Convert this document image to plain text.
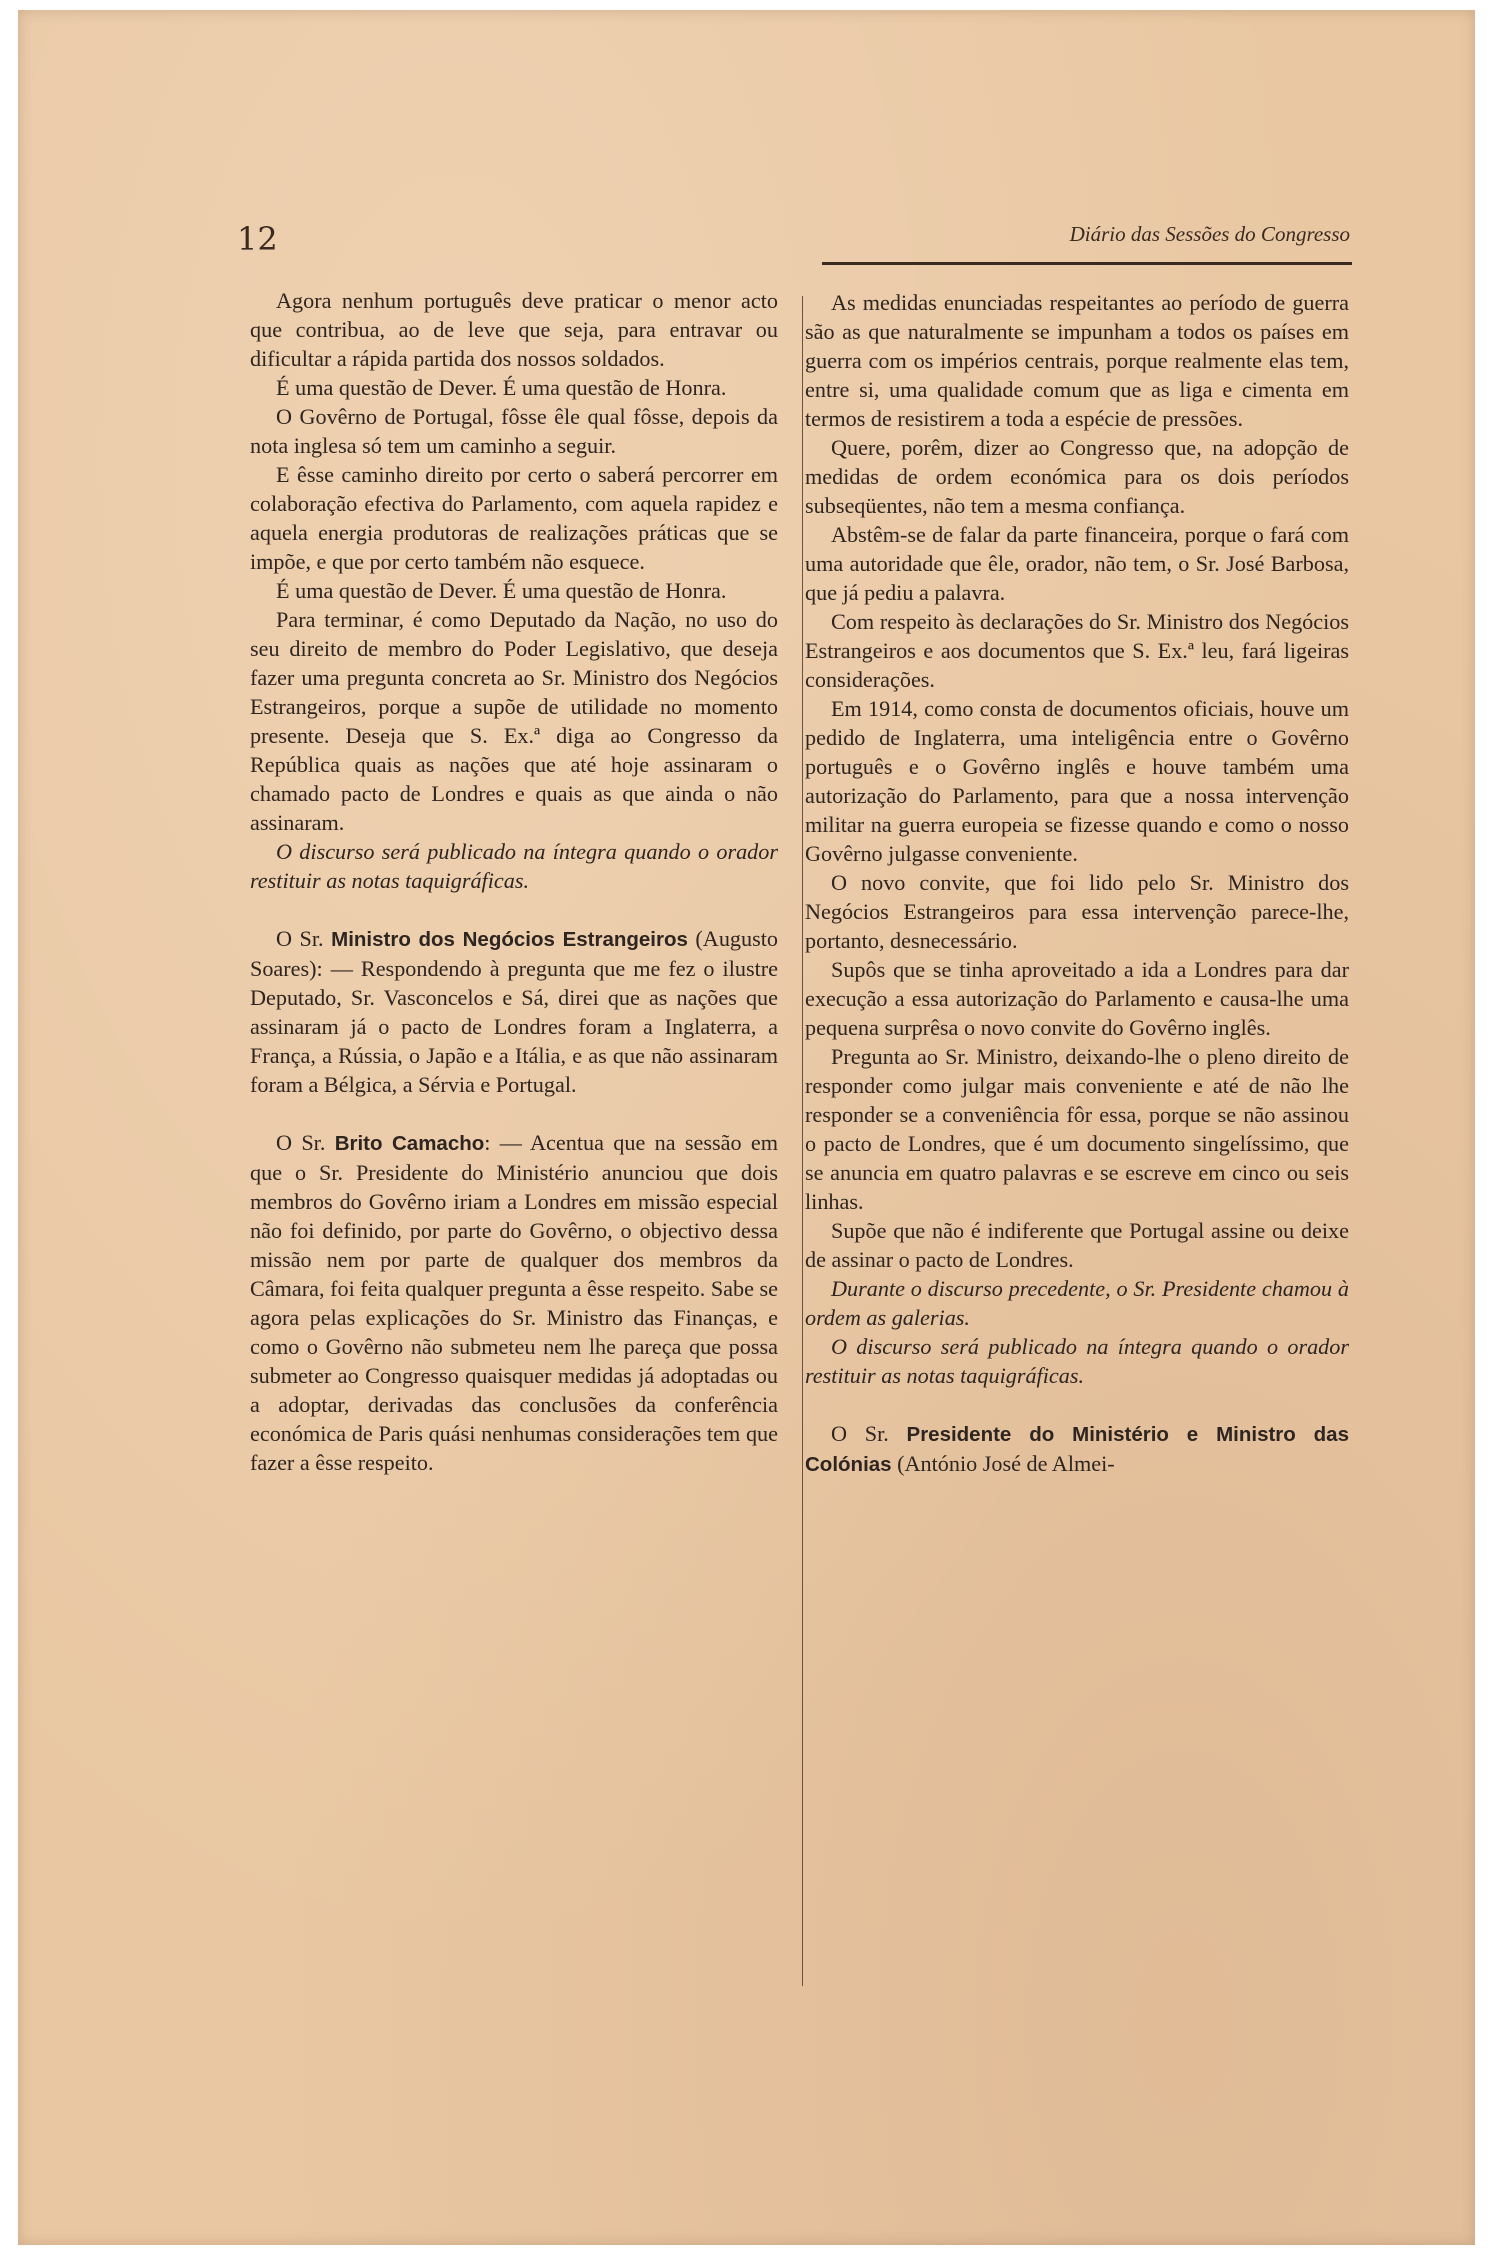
12	Diário das Sessões do Congresso

Agora nenhum português deve praticar o menor acto que contribua, ao de leve que seja, para entravar ou dificultar a rápida partida dos nossos soldados.

É uma questão de Dever. É uma questão de Honra.

O Govêrno de Portugal, fôsse êle qual fôsse, depois da nota inglesa só tem um caminho a seguir.

E êsse caminho direito por certo o saberá percorrer em colaboração efectiva do Parlamento, com aquela rapidez e aquela energia produtoras de realizações práticas que se impõe, e que por certo também não esquece.

É uma questão de Dever. É uma questão de Honra.

Para terminar, é como Deputado da Nação, no uso do seu direito de membro do Poder Legislativo, que deseja fazer uma pregunta concreta ao Sr. Ministro dos Negócios Estrangeiros, porque a supõe de utilidade no momento presente. Deseja que S. Ex.ª diga ao Congresso da República quais as nações que até hoje assinaram o chamado pacto de Londres e quais as que ainda o não assinaram.

O discurso será publicado na íntegra quando o orador restituir as notas taquigráficas.

O Sr. Ministro dos Negócios Estrangeiros (Augusto Soares): — Respondendo à pregunta que me fez o ilustre Deputado, Sr. Vasconcelos e Sá, direi que as nações que assinaram já o pacto de Londres foram a Inglaterra, a França, a Rússia, o Japão e a Itália, e as que não assinaram foram a Bélgica, a Sérvia e Portugal.

O Sr. Brito Camacho: — Acentua que na sessão em que o Sr. Presidente do Ministério anunciou que dois membros do Govêrno iriam a Londres em missão especial não foi definido, por parte do Govêrno, o objectivo dessa missão nem por parte de qualquer dos membros da Câmara, foi feita qualquer pregunta a êsse respeito. Sabe se agora pelas explicações do Sr. Ministro das Finanças, e como o Govêrno não submeteu nem lhe pareça que possa submeter ao Congresso quaisquer medidas já adoptadas ou a adoptar, derivadas das conclusões da conferência económica de Paris quási nenhumas considerações tem que fazer a êsse respeito.

As medidas enunciadas respeitantes ao período de guerra são as que naturalmente se impunham a todos os países em guerra com os impérios centrais, porque realmente elas tem, entre si, uma qualidade comum que as liga e cimenta em termos de resistirem a toda a espécie de pressões.

Quere, porêm, dizer ao Congresso que, na adopção de medidas de ordem económica para os dois períodos subseqüentes, não tem a mesma confiança.

Abstêm-se de falar da parte financeira, porque o fará com uma autoridade que êle, orador, não tem, o Sr. José Barbosa, que já pediu a palavra.

Com respeito às declarações do Sr. Ministro dos Negócios Estrangeiros e aos documentos que S. Ex.ª leu, fará ligeiras considerações.

Em 1914, como consta de documentos oficiais, houve um pedido de Inglaterra, uma inteligência entre o Govêrno português e o Govêrno inglês e houve também uma autorização do Parlamento, para que a nossa intervenção militar na guerra europeia se fizesse quando e como o nosso Govêrno julgasse conveniente.

O novo convite, que foi lido pelo Sr. Ministro dos Negócios Estrangeiros para essa intervenção parece-lhe, portanto, desnecessário.

Supôs que se tinha aproveitado a ida a Londres para dar execução a essa autorização do Parlamento e causa-lhe uma pequena surprêsa o novo convite do Govêrno inglês.

Pregunta ao Sr. Ministro, deixando-lhe o pleno direito de responder como julgar mais conveniente e até de não lhe responder se a conveniência fôr essa, porque se não assinou o pacto de Londres, que é um documento singelíssimo, que se anuncia em quatro palavras e se escreve em cinco ou seis linhas.

Supõe que não é indiferente que Portugal assine ou deixe de assinar o pacto de Londres.

Durante o discurso precedente, o Sr. Presidente chamou à ordem as galerias.

O discurso será publicado na íntegra quando o orador restituir as notas taquigráficas.

O Sr. Presidente do Ministério e Ministro das Colónias (António José de Almei-
